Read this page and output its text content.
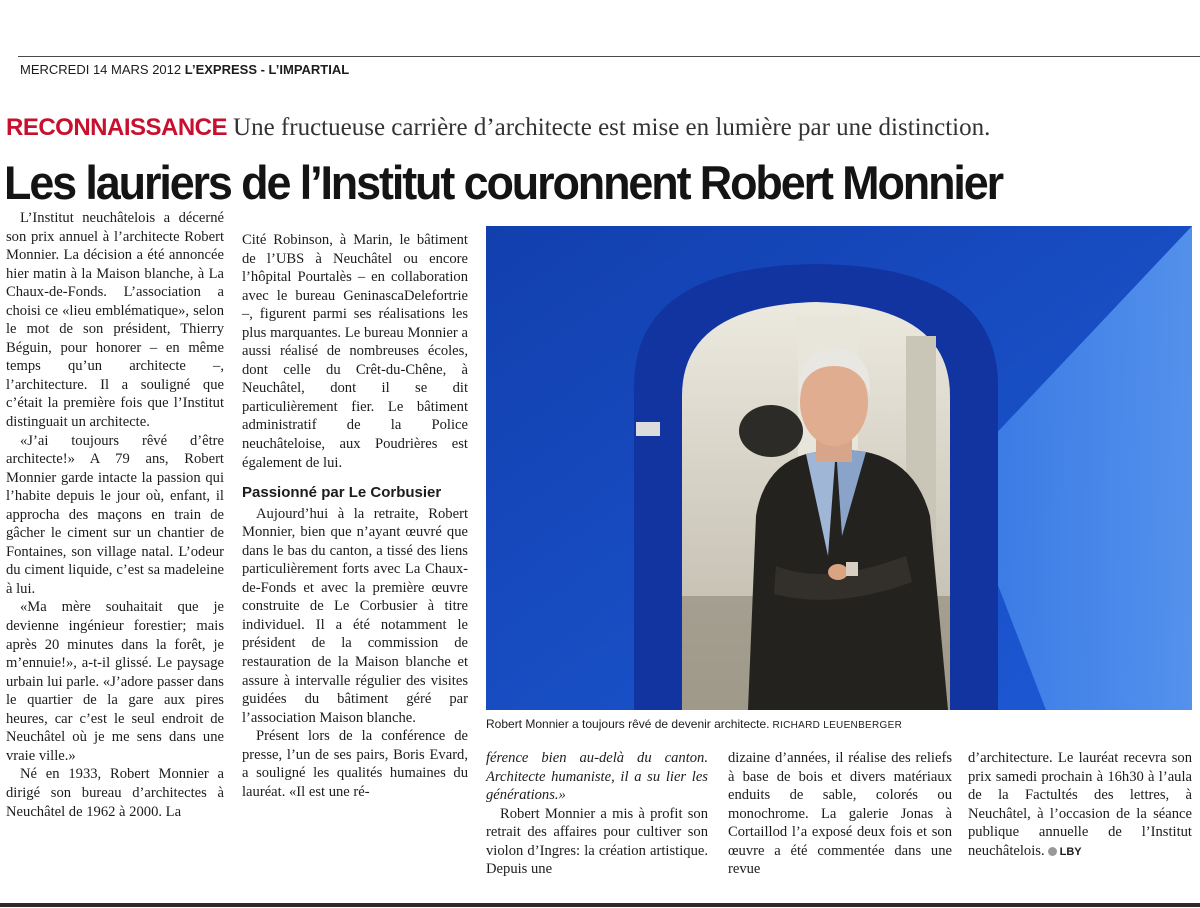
MERCREDI 14 MARS 2012 L’EXPRESS - L’IMPARTIAL
RECONNAISSANCE Une fructueuse carrière d’architecte est mise en lumière par une distinction.
Les lauriers de l’Institut couronnent Robert Monnier

L’Institut neuchâtelois a décerné son prix annuel à l’architecte Robert Monnier. La décision a été annoncée hier matin à la Maison blanche, à La Chaux-de-Fonds. L’association a choisi ce «lieu emblématique», selon le mot de son président, Thierry Béguin, pour honorer – en même temps qu’un architecte –, l’architecture. Il a souligné que c’était la première fois que l’Institut distinguait un architecte.

«J’ai toujours rêvé d’être architecte!» A 79 ans, Robert Monnier garde intacte la passion qui l’habite depuis le jour où, enfant, il approcha des maçons en train de gâcher le ciment sur un chantier de Fontaines, son village natal. L’odeur du ciment liquide, c’est sa madeleine à lui.

«Ma mère souhaitait que je devienne ingénieur forestier; mais après 20 minutes dans la forêt, je m’ennuie!», a-t-il glissé. Le paysage urbain lui parle. «J’adore passer dans le quartier de la gare aux pires heures, car c’est le seul endroit de Neuchâtel où je me sens dans une vraie ville.»

Né en 1933, Robert Monnier a dirigé son bureau d’architectes à Neuchâtel de 1962 à 2000. La

Cité Robinson, à Marin, le bâtiment de l’UBS à Neuchâtel ou encore l’hôpital Pourtalès – en collaboration avec le bureau GeninascaDelefortrie –, figurent parmi ses réalisations les plus marquantes. Le bureau Monnier a aussi réalisé de nombreuses écoles, dont celle du Crêt-du-Chêne, à Neuchâtel, dont il se dit particulièrement fier. Le bâtiment administratif de la Police neuchâteloise, aux Poudrières est également de lui.

Passionné par Le Corbusier

Aujourd’hui à la retraite, Robert Monnier, bien que n’ayant œuvré que dans le bas du canton, a tissé des liens particulièrement forts avec La Chaux-de-Fonds et avec la première œuvre construite de Le Corbusier à titre individuel. Il a été notamment le président de la commission de restauration de la Maison blanche et assure à intervalle régulier des visites guidées du bâtiment géré par l’association Maison blanche.

Présent lors de la conférence de presse, l’un de ses pairs, Boris Evard, a souligné les qualités humaines du lauréat. «Il est une ré-

Robert Monnier a toujours rêvé de devenir architecte. RICHARD LEUENBERGER

férence bien au-delà du canton. Architecte humaniste, il a su lier les générations.»

Robert Monnier a mis à profit son retrait des affaires pour cultiver son violon d’Ingres: la création artistique. Depuis une

dizaine d’années, il réalise des reliefs à base de bois et divers matériaux enduits de sable, colorés ou monochrome. La galerie Jonas à Cortaillod l’a exposé deux fois et son œuvre a été commentée dans une revue

d’architecture. Le lauréat recevra son prix samedi prochain à 16h30 à l’aula de la Factultés des lettres, à Neuchâtel, à l’occasion de la séance publique annuelle de l’Institut neuchâtelois. LBY
